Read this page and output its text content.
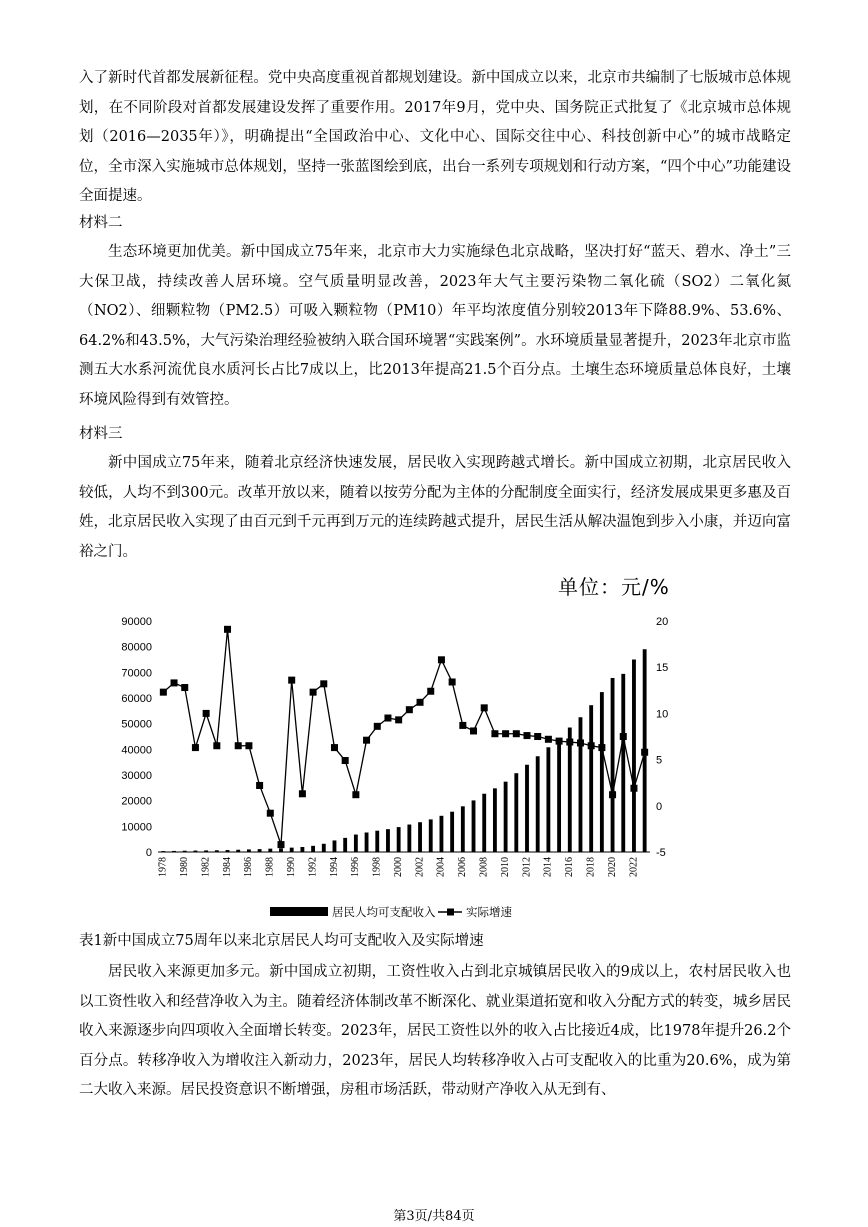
入了新时代首都发展新征程。党中央高度重视首都规划建设。新中国成立以来，北京市共编制了七版城市总体规划，在不同阶段对首都发展建设发挥了重要作用。2017年9月，党中央、国务院正式批复了《北京城市总体规划（2016—2035年）》，明确提出“全国政治中心、文化中心、国际交往中心、科技创新中心”的城市战略定位，全市深入实施城市总体规划，坚持一张蓝图绘到底，出台一系列专项规划和行动方案，“四个中心”功能建设全面提速。

材料二

生态环境更加优美。新中国成立75年来，北京市大力实施绿色北京战略，坚决打好“蓝天、碧水、净土”三大保卫战，持续改善人居环境。空气质量明显改善，2023年大气主要污染物二氧化硫（SO2）二氧化氮（NO2）、细颗粒物（PM2.5）可吸入颗粒物（PM10）年平均浓度值分别较2013年下降88.9%、53.6%、64.2%和43.5%，大气污染治理经验被纳入联合国环境署“实践案例”。水环境质量显著提升，2023年北京市监测五大水系河流优良水质河长占比7成以上，比2013年提高21.5个百分点。土壤生态环境质量总体良好，土壤环境风险得到有效管控。

材料三

新中国成立75年来，随着北京经济快速发展，居民收入实现跨越式增长。新中国成立初期，北京居民收入较低，人均不到300元。改革开放以来，随着以按劳分配为主体的分配制度全面实行，经济发展成果更多惠及百姓，北京居民收入实现了由百元到千元再到万元的连续跨越式提升，居民生活从解决温饱到步入小康，并迈向富裕之门。

单位：元/%
0
10000
20000
30000
40000
50000
60000
70000
80000
90000
-5
0
5
10
15
20
1978 1980 1982 1984 1986 1988 1990 1992 1994 1996 1998 2000 2002 2004 2006 2008 2010 2012 2014 2016 2018 2020 2022
居民人均可支配收入	实际增速

表1新中国成立75周年以来北京居民人均可支配收入及实际增速

居民收入来源更加多元。新中国成立初期，工资性收入占到北京城镇居民收入的9成以上，农村居民收入也以工资性收入和经营净收入为主。随着经济体制改革不断深化、就业渠道拓宽和收入分配方式的转变，城乡居民收入来源逐步向四项收入全面增长转变。2023年，居民工资性以外的收入占比接近4成，比1978年提升26.2个百分点。转移净收入为增收注入新动力，2023年，居民人均转移净收入占可支配收入的比重为20.6%，成为第二大收入来源。居民投资意识不断增强，房租市场活跃，带动财产净收入从无到有、

第3页/共84页
